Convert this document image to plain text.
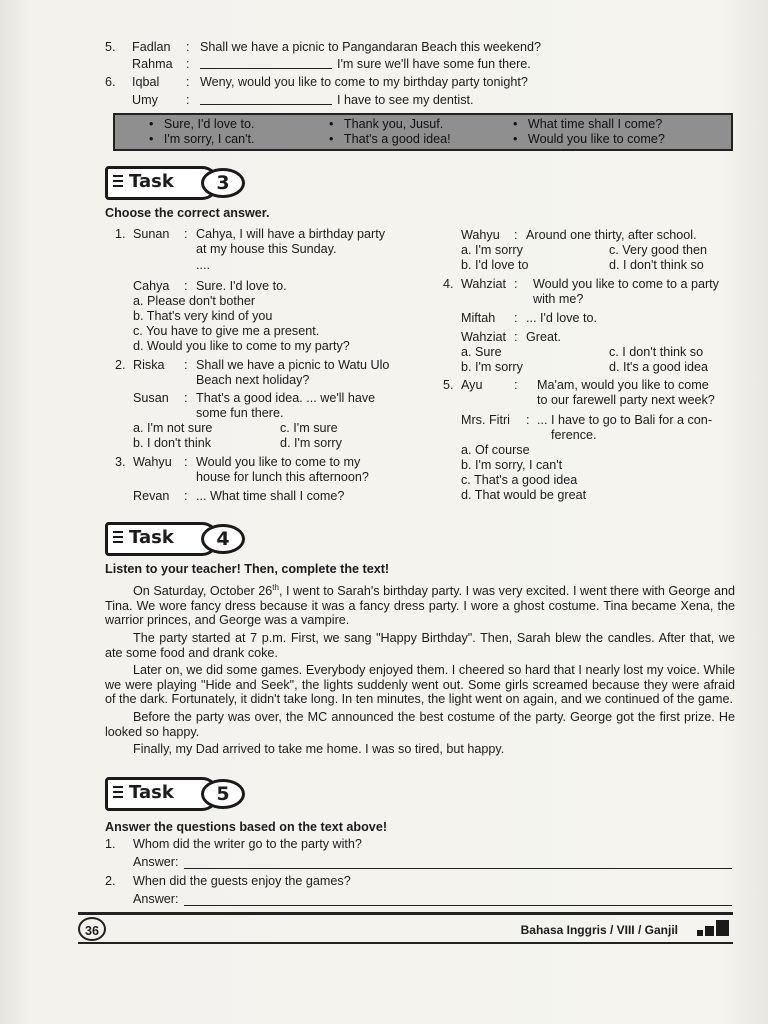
5. Fadlan : Shall we have a picnic to Pangandaran Beach this weekend?
Rahma :	I'm sure we'll have some fun there.
6. Iqbal : Weny, would you like to come to my birthday party tonight?
Umy :	I have to see my dentist.
•   Sure, I'd love to.
•   I'm sorry, I can't.
•   Thank you, Jusuf.
•   That's a good idea!
•   What time shall I come?
•   Would you like to come?
Task	3
Choose the correct answer.
1. Sunan : Cahya, I will have a birthday party
at my house this Sunday.
....
Cahya : Sure. I'd love to.
a. Please don't bother
b. That's very kind of you
c. You have to give me a present.
d. Would you like to come to my party?
2. Riska : Shall we have a picnic to Watu Ulo
Beach next holiday?
Susan : That's a good idea. ... we'll have
some fun there.
a. I'm not sure	c. I'm sure
b. I don't think	d. I'm sorry
3. Wahyu : Would you like to come to my
house for lunch this afternoon?
Revan : ... What time shall I come?
Wahyu : Around one thirty, after school.
a. I'm sorry	c. Very good then
b. I'd love to	d. I don't think so
4. Wahziat : Would you like to come to a party
with me?
Miftah : ... I'd love to.
Wahziat : Great.
a. Sure	c. I don't think so
b. I'm sorry	d. It's a good idea
5. Ayu	: Ma'am, would you like to come
to our farewell party next week?
Mrs. Fitri : ... I have to go to Bali for a con-
ference.
a. Of course
b. I'm sorry, I can't
c. That's a good idea
d. That would be great
Task	4
Listen to your teacher! Then, complete the text!

On Saturday, October 26th, I went to Sarah's birthday party. I was very excited. I went there with George and Tina. We wore fancy dress because it was a fancy dress party. I wore a ghost costume. Tina became Xena, the warrior princes, and George was a vampire.

The party started at 7 p.m. First, we sang "Happy Birthday". Then, Sarah blew the candles. After that, we ate some food and drank coke.

Later on, we did some games. Everybody enjoyed them. I cheered so hard that I nearly lost my voice. While we were playing "Hide and Seek", the lights suddenly went out. Some girls screamed because they were afraid of the dark. Fortunately, it didn't take long. In ten minutes, the light went on again, and we continued of the game.

Before the party was over, the MC announced the best costume of the party. George got the first prize. He looked so happy.

Finally, my Dad arrived to take me home. I was so tired, but happy.

Task	5
Answer the questions based on the text above!
1. Whom did the writer go to the party with?
Answer:
2. When did the guests enjoy the games?
Answer:
36	Bahasa Inggris / VIII / Ganjil
